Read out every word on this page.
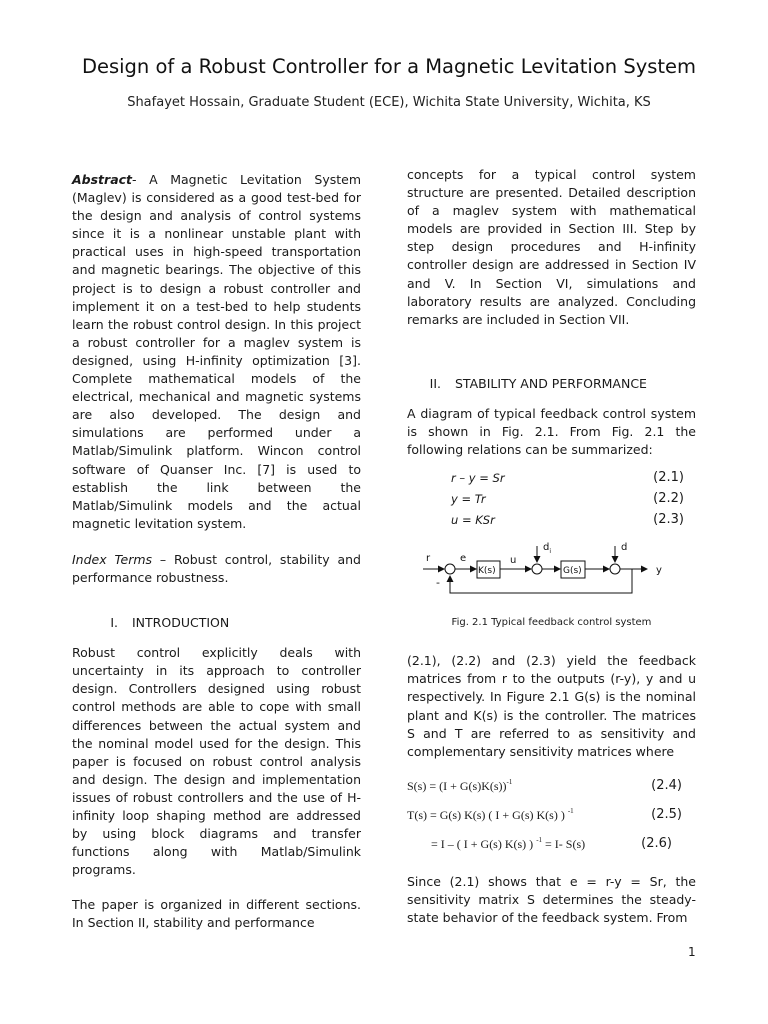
Design of a Robust Controller for a Magnetic Levitation System
Shafayet Hossain, Graduate Student (ECE), Wichita State University, Wichita, KS

Abstract- A Magnetic Levitation System (Maglev) is considered as a good test-bed for the design and analysis of control systems since it is a nonlinear unstable plant with practical uses in high-speed transportation and magnetic bearings. The objective of this project is to design a robust controller and implement it on a test-bed to help students learn the robust control design. In this project a robust controller for a maglev system is designed, using H-infinity optimization [3]. Complete mathematical models of the electrical, mechanical and magnetic systems are also developed. The design and simulations are performed under a Matlab/Simulink platform. Wincon control software of Quanser Inc. [7] is used to establish the link between the Matlab/Simulink models and the actual magnetic levitation system.

Index Terms – Robust control, stability and performance robustness.

I. INTRODUCTION

Robust control explicitly deals with uncertainty in its approach to controller design. Controllers designed using robust control methods are able to cope with small differences between the actual system and the nominal model used for the design. This paper is focused on robust control analysis and design. The design and implementation issues of robust controllers and the use of H-infinity loop shaping method are addressed by using block diagrams and transfer functions along with Matlab/Simulink programs.

The paper is organized in different sections. In Section II, stability and performance

concepts for a typical control system structure are presented. Detailed description of a maglev system with mathematical models are provided in Section III. Step by step design procedures and H-infinity controller design are addressed in Section IV and V. In Section VI, simulations and laboratory results are analyzed. Concluding remarks are included in Section VII.

II. STABILITY AND PERFORMANCE

A diagram of typical feedback control system is shown in Fig. 2.1. From Fig. 2.1 the following relations can be summarized:

r – y = Sr	(2.1)
y = Tr	(2.2)
u = KSr	(2.3)
r	e	u
$d_i$	d
y
-
K(s)	G(s)
Fig. 2.1 Typical feedback control system

(2.1), (2.2) and (2.3) yield the feedback matrices from r to the outputs (r-y), y and u respectively. In Figure 2.1 G(s) is the nominal plant and K(s) is the controller. The matrices S and T are referred to as sensitivity and complementary sensitivity matrices where

$S(s) = (I + G(s)K(s))^{-1}$	(2.4)
T(s) = G(s) K(s) ( I + G(s) K(s) ) $^{-1}$	(2.5)
= I – ( I + G(s) K(s) ) $^{-1}$ = I- S(s)	(2.6)

Since (2.1) shows that e = r-y = Sr, the sensitivity matrix S determines the steady-state behavior of the feedback system. From

1
